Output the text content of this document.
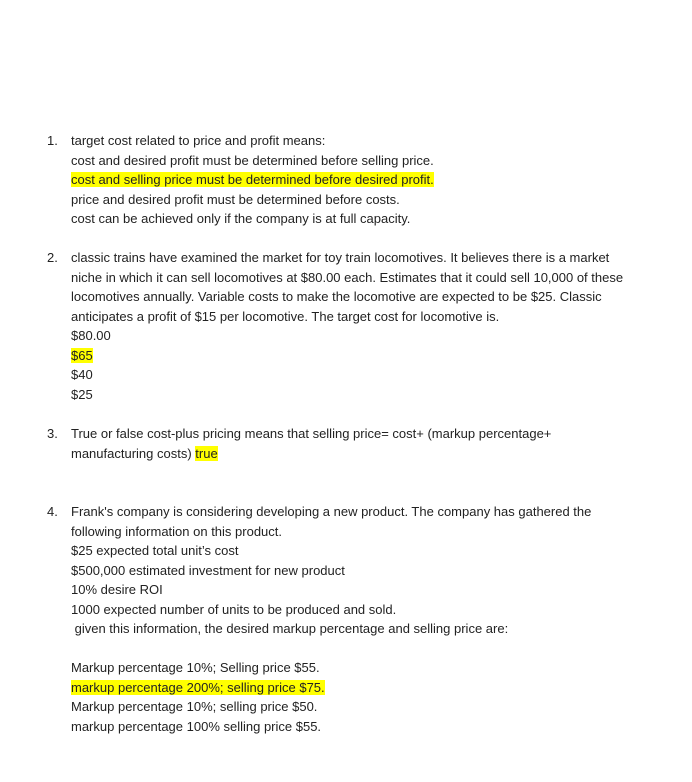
1. target cost related to price and profit means:
cost and desired profit must be determined before selling price.
cost and selling price must be determined before desired profit.
price and desired profit must be determined before costs.
cost can be achieved only if the company is at full capacity.
2. classic trains have examined the market for toy train locomotives. It believes there is a market
niche in which it can sell locomotives at $80.00 each. Estimates that it could sell 10,000 of these
locomotives annually. Variable costs to make the locomotive are expected to be $25. Classic
anticipates a profit of $15 per locomotive. The target cost for locomotive is.
$80.00
$65
$40
$25
3. True or false cost-plus pricing means that selling price= cost+ (markup percentage+
manufacturing costs) true
4. Frank's company is considering developing a new product. The company has gathered the
following information on this product.
$25 expected total unit’s cost
$500,000 estimated investment for new product
10% desire ROI
1000 expected number of units to be produced and sold.
given this information, the desired markup percentage and selling price are:

Markup percentage 10%; Selling price $55.
markup percentage 200%; selling price $75.
Markup percentage 10%; selling price $50.
markup percentage 100% selling price $55.
